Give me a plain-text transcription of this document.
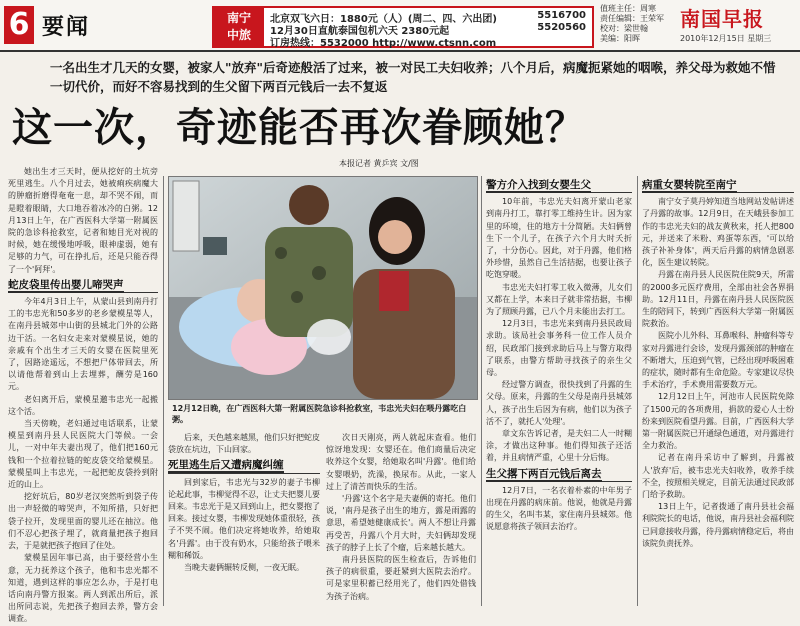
6 要闻	南宁
中旅
北京双飞六日：1880元（人）(周二、四、六出团)	5516700
12月30日直航泰国包机六天 2380元起	5520560
订房热线：5532000 http://www.ctsnn.com
值班主任：周寒
责任编辑：王荣军
校对：梁世翰
美编：阳晖
南国早报
2010年12月15日 星期三
一名出生才几天的女婴，被家人"放弃"后奇迹般活了过来，被一对民工夫妇收养；八个月后，病魔扼紧她的咽喉，养父母为救她不惜一切代价，而好不容易找到的生父留下两百元钱后一去不复返
这一次，奇迹能否再次眷顾她？
本报记者 黄乒宾 文/图

她出生才三天时，便从挖好的土坑旁死里逃生。八个月过去，她被痢疾病魔大的肿瘤折磨得奄奄一息，却不哭不闹，而是瞪着眼睛，大口地吞着冰冷的白粥。12月13日上午，在广西医科大学第一附属医院的急诊科抢救室，记者和她目光对视的时候，她在缓慢地呼吸，眼神虚弱，她有足够的力气，可在挣扎后，还是只能吞得了一个'阿拜'。

蛇皮袋里传出婴儿啼哭声

今年4月3日上午，从蒙山县到南丹打工的韦忠光和50多岁的老乡蒙模星等人，在南丹县城郊中山街的县城北门外的公路边干活。一名妇女走来对蒙模星说，她的亲戚有个出生才三天的女婴在医院里死了，因路途遥远，不想把尸体带回去，所以请他帮着到山上去埋葬，酬劳是160元。

老妇离开后，蒙模星邀韦忠光一起搬这个活。

当天傍晚，老妇通过电话联系，让蒙模星到南丹县人民医院大门等候。一会儿，一对中年夫妻出现了，他们把160元钱和一个拉着拉链的蛇皮袋交给蒙模星。蒙模星叫上韦忠光，一起把蛇皮袋拎到附近的山上。

挖好坑后，80岁老汉突然听到袋子传出一声轻微的啼哭声，不知所措，只好把袋子拉开，发现里面的婴儿还在抽泣。他们不忍心把孩子埋了，就商量把孩子抱回去，于是就把孩子抱回了住处。

蒙模星因年事已高，由于要经营小生意，无力抚养这个孩子，他和韦忠光都不知道，遇到这样的事应怎么办，于是打电话向南丹警方报案。两人到派出所后，派出所同志说，先把孩子抱回去养，警方会调查。

12月12日晚，在广西医科大第一附属医院急诊科抢救室，韦忠光夫妇在喂丹露吃白粥。

后来，天色越来越黑，他们只好把蛇皮袋放在坑边，下山回家。

死里逃生后又遭病魔纠缠

回到家后，韦忠光与32岁的妻子韦柳论起此事，韦柳觉得不忍，让丈夫把婴儿要回来。韦忠光于是又回到山上，把女婴抱了回来。接过女婴，韦柳发现她体重很轻，孩子不哭不闹。他们决定将她收养，给她取名'丹露'。由于没有奶水，只能给孩子喂米糊和稀饭。

当晚夫妻俩辗转反侧，一夜无眠。

次日天刚亮，两人就起床查看。他们惊讶地发现：女婴还在。他们商量后决定收养这个女婴，给她取名叫'丹露'。他们给女婴喂奶，洗澡，换尿布。从此，一家人过上了清苦而快乐的生活。

'丹露'这个名字是夫妻俩的寄托。他们说，'南丹是孩子出生的地方，露是雨露的意思，希望她健康成长'。两人不想让丹露再受苦，丹露八个月大时，夫妇俩却发现孩子的脖子上长了个瘤，后来越长越大。

南丹县医院的医生检查后，告诉他们孩子的病很重，要赶紧到大医院去治疗。可是家里积蓄已经用光了，他们四处借钱为孩子治病。

警方介入找到女婴生父

10年前，韦忠光夫妇离开蒙山老家到南丹打工，靠打零工维持生计。因为家里的环境，住的地方十分简陋。夫妇俩曾生下一个儿子，在孩子六个月大时夭折了，十分伤心。因此，对于丹露，他们格外珍惜，虽然自己生活拮据，也要让孩子吃饱穿暖。

韦忠光夫妇打零工收入微薄，儿女们又都在上学，本来日子就非常拮据，韦柳为了照顾丹露，已八个月未能出去打工。

12月3日，韦忠光来到南丹县民政局求助。该局社会事务科一位工作人员介绍，民政部门接到求助后马上与警方取得了联系，由警方帮助寻找孩子的亲生父母。

经过警方调查，很快找到了丹露的生父母。原来，丹露的生父母是南丹县城郊人，孩子出生后因为有病，他们以为孩子活不了，就托人'处理'。

章文东告诉记者，是夫妇二人一时糊涂，才做出这种事。他们得知孩子还活着，并且病情严重，心里十分后悔。

生父撂下两百元钱后离去

12月7日，一名衣着朴素的中年男子出现在丹露的病床前。他说，他就是丹露的生父，名叫韦某，家住南丹县城郊。他说愿意将孩子领回去治疗。

病重女婴转院至南宁

南宁女子莫丹婷知道当地网站发帖讲述了丹露的故事。12月9日，在天峨县参加工作的韦忠光夫妇的战友黄秋来，托人把800元，并送来了米粉、鸡蛋等东西，'可以给孩子补补身体'，两天后丹露的病情急剧恶化，医生建议转院。

丹露在南丹县人民医院住院9天，所需的2000多元医疗费用，全部由社会各界捐助。12月11日，丹露在南丹县人民医院医生的陪同下，转到广西医科大学第一附属医院救治。

医院小儿外科、耳鼻喉科、肿瘤科等专家对丹露进行会诊，发现丹露颈部的肿瘤在不断增大，压迫到气管，已经出现呼吸困难的症状，随时都有生命危险。专家建议尽快手术治疗，手术费用需要数万元。

12月12日上午，河池市人民医院免除了1500元的各项费用，捐款的爱心人士纷纷来到医院看望丹露。目前，广西医科大学第一附属医院已开通绿色通道，对丹露进行全力救治。

记者在南丹采访中了解到，丹露被人'放弃'后，被韦忠光夫妇收养，收养手续不全，按照相关规定，目前无法通过民政部门给予救助。

13日上午，记者拨通了南丹县社会福利院院长的电话，他说，南丹县社会福利院已同意接收丹露，待丹露病情稳定后，将由该院负责抚养。
